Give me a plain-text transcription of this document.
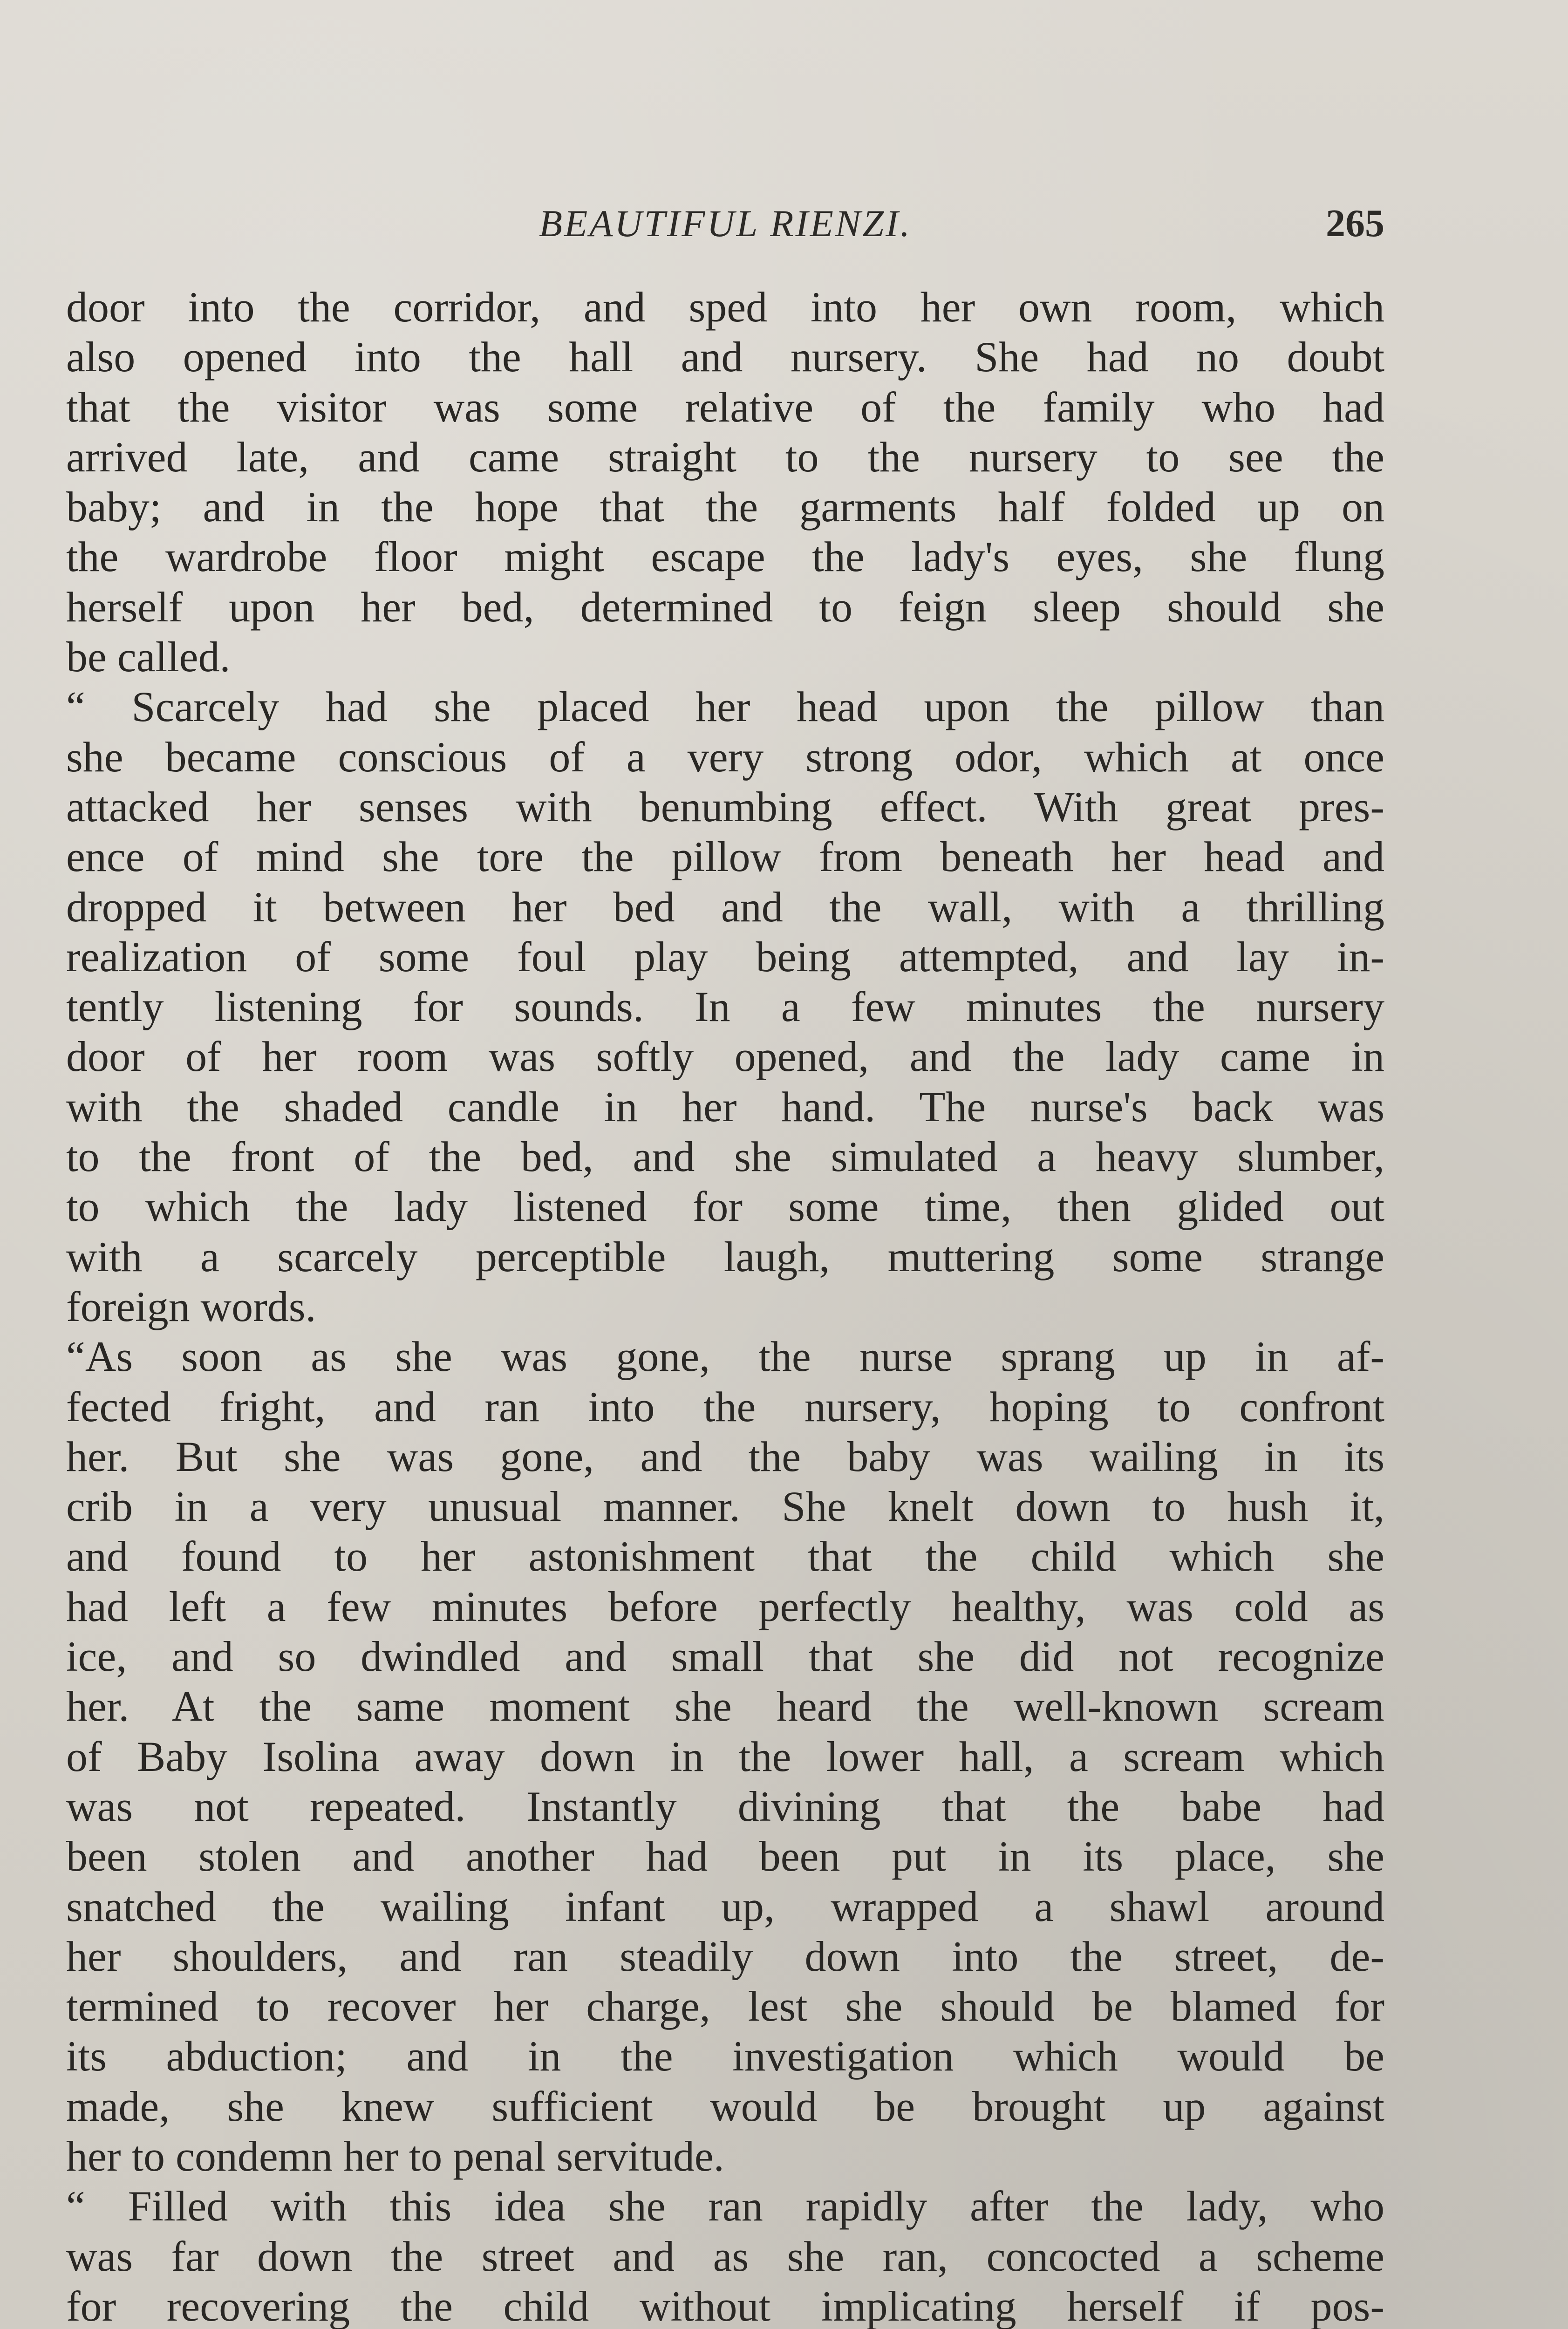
BEAUTIFUL RIENZI.	265
door into the corridor, and sped into her own room, which
also opened into the hall and nursery. She had no doubt
that the visitor was some relative of the family who had
arrived late, and came straight to the nursery to see the
baby; and in the hope that the garments half folded up on
the wardrobe floor might escape the lady's eyes, she flung
herself upon her bed, determined to feign sleep should she
be called.
“ Scarcely had she placed her head upon the pillow than
she became conscious of a very strong odor, which at once
attacked her senses with benumbing effect. With great pres-
ence of mind she tore the pillow from beneath her head and
dropped it between her bed and the wall, with a thrilling
realization of some foul play being attempted, and lay in-
tently listening for sounds. In a few minutes the nursery
door of her room was softly opened, and the lady came in
with the shaded candle in her hand. The nurse's back was
to the front of the bed, and she simulated a heavy slumber,
to which the lady listened for some time, then glided out
with a scarcely perceptible laugh, muttering some strange
foreign words.
“As soon as she was gone, the nurse sprang up in af-
fected fright, and ran into the nursery, hoping to confront
her. But she was gone, and the baby was wailing in its
crib in a very unusual manner. She knelt down to hush it,
and found to her astonishment that the child which she
had left a few minutes before perfectly healthy, was cold as
ice, and so dwindled and small that she did not recognize
her. At the same moment she heard the well-known scream
of Baby Isolina away down in the lower hall, a scream which
was not repeated. Instantly divining that the babe had
been stolen and another had been put in its place, she
snatched the wailing infant up, wrapped a shawl around
her shoulders, and ran steadily down into the street, de-
termined to recover her charge, lest she should be blamed for
its abduction; and in the investigation which would be
made, she knew sufficient would be brought up against
her to condemn her to penal servitude.
“ Filled with this idea she ran rapidly after the lady, who
was far down the street and as she ran, concocted a scheme
for recovering the child without implicating herself if pos-
